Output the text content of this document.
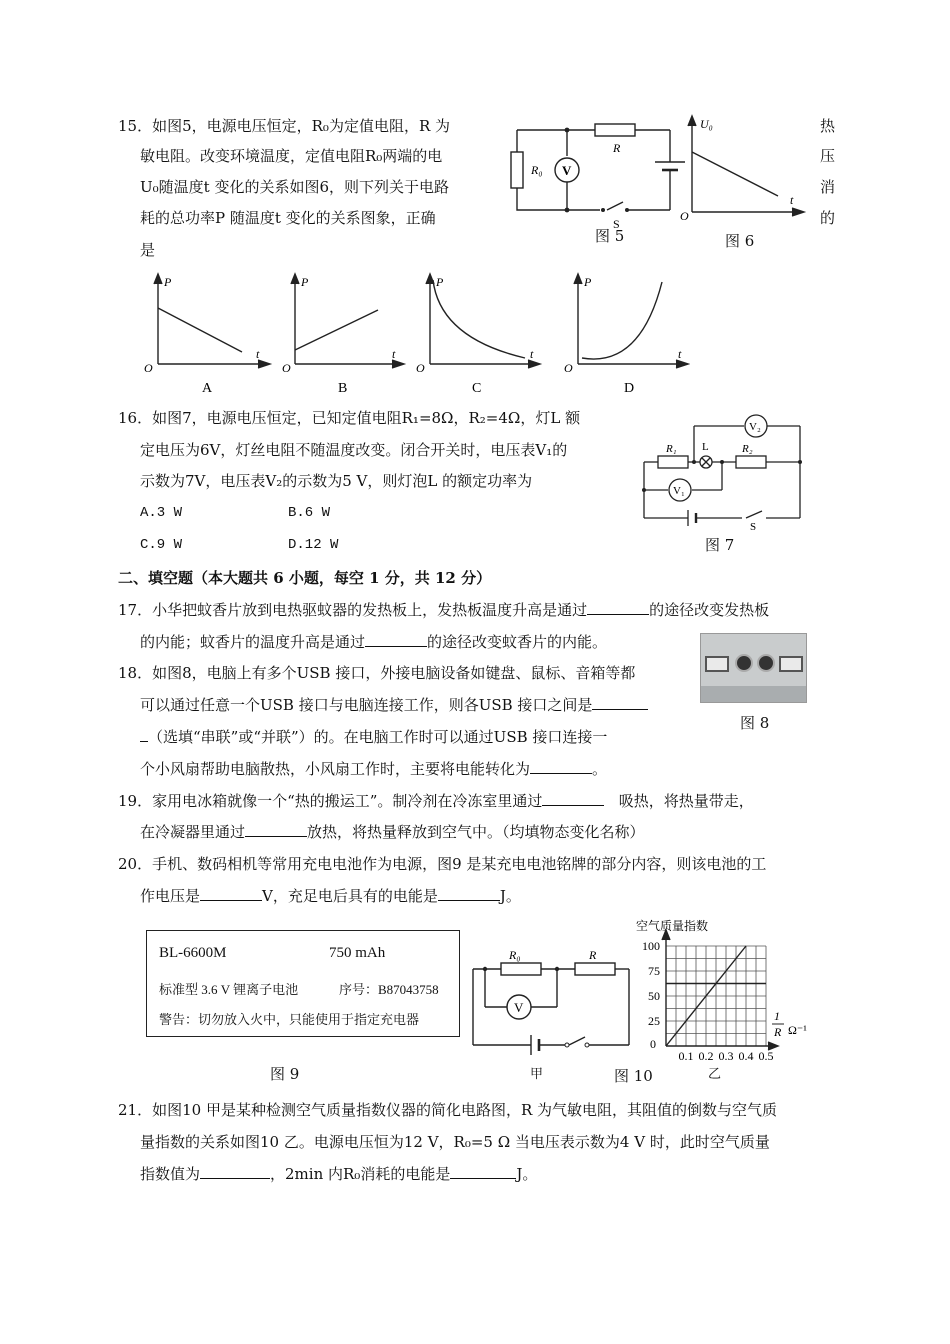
15．如图5，电源电压恒定，R₀为定值电阻，R 为
敏电阻。改变环境温度，定值电阻R₀两端的电
U₀随温度t 变化的关系如图6，则下列关于电路
耗的总功率P 随温度t 变化的关系图象，正确
是
热
压
消
的
R₀
R
V
S
图 5
U₀
t
O
图 6
P
t
O
P
t
O
P
t
O
P
t
O
A	B	C	D
16．如图7，电源电压恒定，已知定值电阻R₁=8Ω，R₂=4Ω，灯L 额
定电压为6V，灯丝电阻不随温度改变。闭合开关时，电压表V₁的
示数为7V，电压表V₂的示数为5 V，则灯泡L 的额定功率为
A.3 W	B.6 W
C.9 W	D.12 W
R₁	R₂
L
V₂
V₁
S
图 7
二、填空题（本大题共 6 小题，每空 1 分，共 12 分）
17．小华把蚊香片放到电热驱蚊器的发热板上，发热板温度升高是通过	的途径改变发热板
的内能；蚊香片的温度升高是通过	的途径改变蚊香片的内能。
18．如图8，电脑上有多个USB 接口，外接电脑设备如键盘、鼠标、音箱等都
可以通过任意一个USB 接口与电脑连接工作，则各USB 接口之间是
（选填“串联”或“并联”）的。在电脑工作时可以通过USB 接口连接一
个小风扇帮助电脑散热，小风扇工作时，主要将电能转化为	。
图 8
19．家用电冰箱就像一个“热的搬运工”。制冷剂在冷冻室里通过	吸热，将热量带走，
在冷凝器里通过	放热，将热量释放到空气中。（均填物态变化名称）
20．手机、数码相机等常用充电电池作为电源，图9 是某充电电池铭牌的部分内容，则该电池的工
作电压是	V，充足电后具有的电能是	J。
BL-6600M	750 mAh
标准型 3.6 V 锂离子电池	序号：B87043758
警告：切勿放入火中，只能使用于指定充电器
图 9
R₀	R
V
甲	图 10
100
75
50
25
0.1 0.2 0.3 0.4 0.5
空气质量指数
1
R Ω⁻¹
0
乙
21．如图10 甲是某种检测空气质量指数仪器的简化电路图，R 为气敏电阻，其阻值的倒数与空气质
量指数的关系如图10 乙。电源电压恒为12 V，R₀=5 Ω 当电压表示数为4 V 时，此时空气质量
指数值为	，2min 内R₀消耗的电能是	J。
